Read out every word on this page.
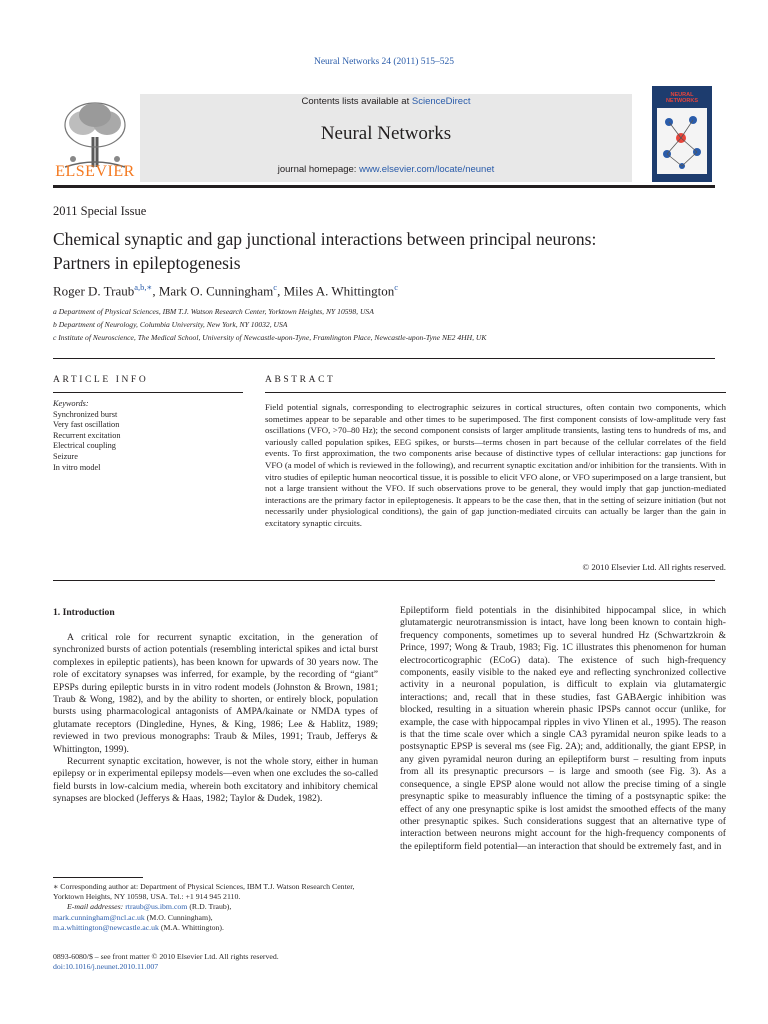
Neural Networks 24 (2011) 515–525
ELSEVIER
Contents lists available at ScienceDirect
Neural Networks
journal homepage: www.elsevier.com/locate/neunet
NEURAL NETWORKS
2011 Special Issue
Chemical synaptic and gap junctional interactions between principal neurons:
Partners in epileptogenesis
Roger D. Traub$^{a,b,∗}$, Mark O. Cunningham$^c$, Miles A. Whittington$^c$
a Department of Physical Sciences, IBM T.J. Watson Research Center, Yorktown Heights, NY 10598, USA
b Department of Neurology, Columbia University, New York, NY 10032, USA
c Institute of Neuroscience, The Medical School, University of Newcastle-upon-Tyne, Framlington Place, Newcastle-upon-Tyne NE2 4HH, UK
ARTICLE INFO	ABSTRACT
Keywords:
Synchronized burst
Very fast oscillation
Recurrent excitation
Electrical coupling
Seizure
In vitro model
Field potential signals, corresponding to electrographic seizures in cortical structures, often contain two components, which sometimes appear to be separable and other times to be superimposed. The first component consists of low-amplitude very fast oscillations (VFO, >70–80 Hz); the second component consists of larger amplitude transients, lasting tens to hundreds of ms, and variously called population spikes, EEG spikes, or bursts—terms chosen in part because of the cellular correlates of the field events. To first approximation, the two components arise because of distinctive types of cellular interactions: gap junctions for VFO (a model of which is reviewed in the following), and recurrent synaptic excitation and/or inhibition for the transients. With in vitro studies of epileptic human neocortical tissue, it is possible to elicit VFO alone, or VFO superimposed on a large transient, but not a large transient without the VFO. If such observations prove to be general, they would imply that gap junction-mediated interactions are the primary factor in epileptogenesis. It appears to be the case then, that in the setting of seizure initiation (but not necessarily under physiological conditions), the gain of gap junction-mediated circuits can actually be larger than the gain in excitatory synaptic circuits.
© 2010 Elsevier Ltd. All rights reserved.
1. Introduction

A critical role for recurrent synaptic excitation, in the generation of synchronized bursts of action potentials (resembling interictal spikes and ictal burst complexes in epileptic patients), has been known for upwards of 30 years now. The role of excitatory synapses was inferred, for example, by the recording of “giant” EPSPs during epileptic bursts in in vitro rodent models (Johnston & Brown, 1981; Traub & Wong, 1982), and by the ability to shorten, or entirely block, population bursts using pharmacological antagonists of AMPA/kainate or NMDA types of glutamate receptors (Dingledine, Hynes, & King, 1986; Lee & Hablitz, 1989; reviewed in two previous monographs: Traub & Miles, 1991; Traub, Jefferys & Whittington, 1999).

Recurrent synaptic excitation, however, is not the whole story, either in human epilepsy or in experimental epilepsy models—even when one excludes the so-called field bursts in low-calcium media, wherein both excitatory and inhibitory chemical synapses are blocked (Jefferys & Haas, 1982; Taylor & Dudek, 1982).

Epileptiform field potentials in the disinhibited hippocampal slice, in which glutamatergic neurotransmission is intact, have long been known to contain high-frequency components, sometimes up to several hundred Hz (Schwartzkroin & Prince, 1997; Wong & Traub, 1983; Fig. 1C illustrates this phenomenon for human electrocorticographic (ECoG) data). The existence of such high-frequency components, easily visible to the naked eye and reflecting synchronized collective activity in a neuronal population, is difficult to explain via glutamatergic interactions; and, recall that in these studies, fast GABAergic inhibition was blocked, resulting in a situation wherein phasic IPSPs cannot occur (unlike, for example, the case with hippocampal ripples in vivo Ylinen et al., 1995). The reason is that the time scale over which a single CA3 pyramidal neuron spike leads to a postsynaptic EPSP is several ms (see Fig. 2A); and, additionally, the giant EPSP, in any given pyramidal neuron during an epileptiform burst – resulting from inputs from all its presynaptic precursors – is large and smooth (see Fig. 3). As a consequence, a single EPSP alone would not allow the precise timing of a single presynaptic spike to measurably influence the timing of a postsynaptic spike: the effect of any one presynaptic spike is lost amidst the smoothed effects of the many other presynaptic spikes. Such considerations suggest that an alternative type of interaction between neurons might account for the high-frequency components of the epileptiform field potential—an interaction that should be extremely fast, and in

∗ Corresponding author at: Department of Physical Sciences, IBM T.J. Watson Research Center, Yorktown Heights, NY 10598, USA. Tel.: +1 914 945 2110.
E-mail addresses: rtraub@us.ibm.com (R.D. Traub),
mark.cunningham@ncl.ac.uk (M.O. Cunningham),
m.a.whittington@newcastle.ac.uk (M.A. Whittington).
0893-6080/$ – see front matter © 2010 Elsevier Ltd. All rights reserved.
doi:10.1016/j.neunet.2010.11.007
